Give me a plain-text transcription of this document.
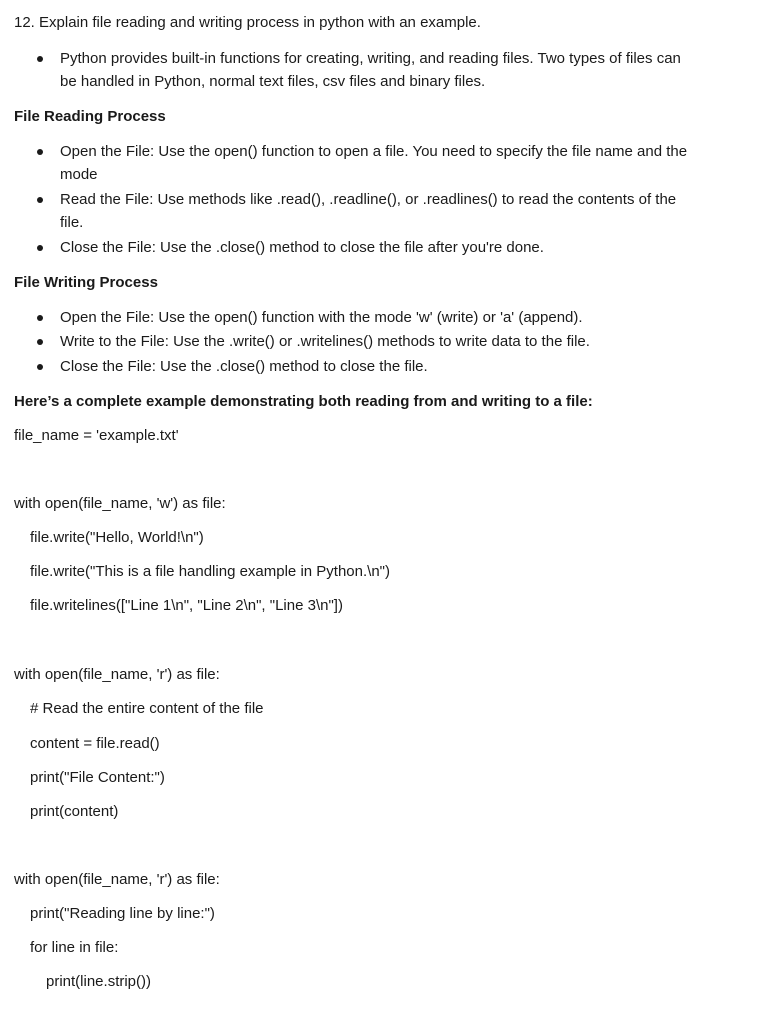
12. Explain file reading and writing process in python with an example.
Python provides built-in functions for creating, writing, and reading files. Two types of files can
be handled in Python, normal text files, csv files and binary files.
File Reading Process
Open the File: Use the open() function to open a file. You need to specify the file name and the
mode
Read the File: Use methods like .read(), .readline(), or .readlines() to read the contents of the
file.
Close the File: Use the .close() method to close the file after you're done.
File Writing Process
Open the File: Use the open() function with the mode 'w' (write) or 'a' (append).
Write to the File: Use the .write() or .writelines() methods to write data to the file.
Close the File: Use the .close() method to close the file.
Here’s a complete example demonstrating both reading from and writing to a file:
file_name = 'example.txt'
with open(file_name, 'w') as file:
file.write("Hello, World!\n")
file.write("This is a file handling example in Python.\n")
file.writelines(["Line 1\n", "Line 2\n", "Line 3\n"])
with open(file_name, 'r') as file:
# Read the entire content of the file
content = file.read()
print("File Content:")
print(content)
with open(file_name, 'r') as file:
print("Reading line by line:")
for line in file:
print(line.strip())
